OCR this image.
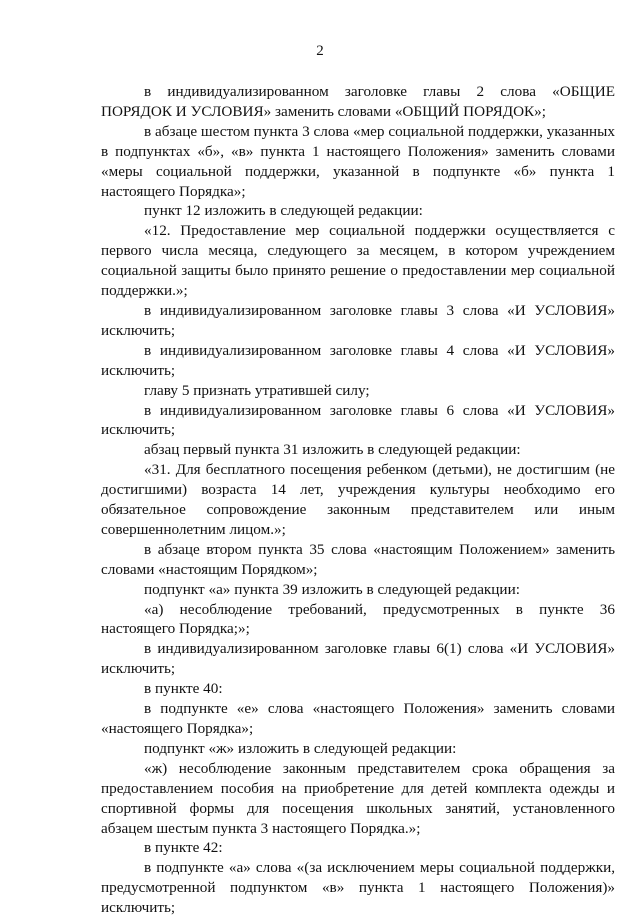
2

в индивидуализированном заголовке главы 2 слова «ОБЩИЕ ПОРЯДОК И УСЛОВИЯ» заменить словами «ОБЩИЙ ПОРЯДОК»;

в абзаце шестом пункта 3 слова «мер социальной поддержки, указанных в подпунктах «б», «в» пункта 1 настоящего Положения» заменить словами «меры социальной поддержки, указанной в подпункте «б» пункта 1 настоящего Порядка»;

пункт 12 изложить в следующей редакции:

«12. Предоставление мер социальной поддержки осуществляется с первого числа месяца, следующего за месяцем, в котором учреждением социальной защиты было принято решение о предоставлении мер социальной поддержки.»;

в индивидуализированном заголовке главы 3 слова «И УСЛОВИЯ» исключить;

в индивидуализированном заголовке главы 4 слова «И УСЛОВИЯ» исключить;

главу 5 признать утратившей силу;

в индивидуализированном заголовке главы 6 слова «И УСЛОВИЯ» исключить;

абзац первый пункта 31 изложить в следующей редакции:

«31. Для бесплатного посещения ребенком (детьми), не достигшим (не достигшими) возраста 14 лет, учреждения культуры необходимо его обязательное сопровождение законным представителем или иным совершеннолетним лицом.»;

в абзаце втором пункта 35 слова «настоящим Положением» заменить словами «настоящим Порядком»;

подпункт «а» пункта 39 изложить в следующей редакции:

«а) несоблюдение требований, предусмотренных в пункте 36 настоящего Порядка;»;

в индивидуализированном заголовке главы 6(1) слова «И УСЛОВИЯ» исключить;

в пункте 40:

в подпункте «е» слова «настоящего Положения» заменить словами «настоящего Порядка»;

подпункт «ж» изложить в следующей редакции:

«ж) несоблюдение законным представителем срока обращения за предоставлением пособия на приобретение для детей комплекта одежды и спортивной формы для посещения школьных занятий, установленного абзацем шестым пункта 3 настоящего Порядка.»;

в пункте 42:

в подпункте «а» слова «(за исключением меры социальной поддержки, предусмотренной подпунктом «в» пункта 1 настоящего Положения)» исключить;
